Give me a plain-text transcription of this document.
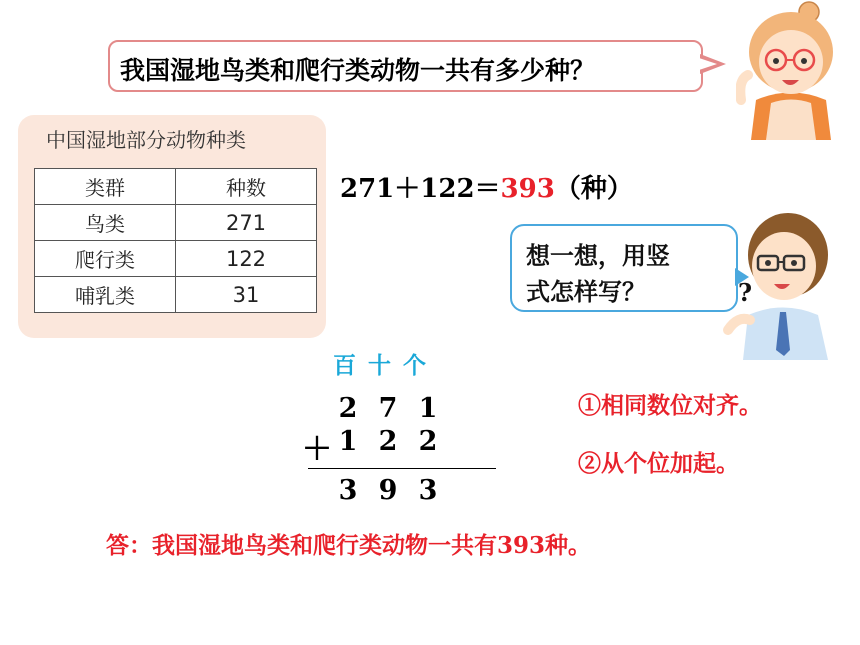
我国湿地鸟类和爬行类动物一共有多少种？
中国湿地部分动物种类
类群	种数
鸟类	271
爬行类	122
哺乳类	31
271＋122＝393（种）
想一想，用竖
式怎样写？	?
百十个
2 7 1
＋ 1 2 2
3 9 3
①相同数位对齐。
②从个位加起。
答：我国湿地鸟类和爬行类动物一共有393种。
